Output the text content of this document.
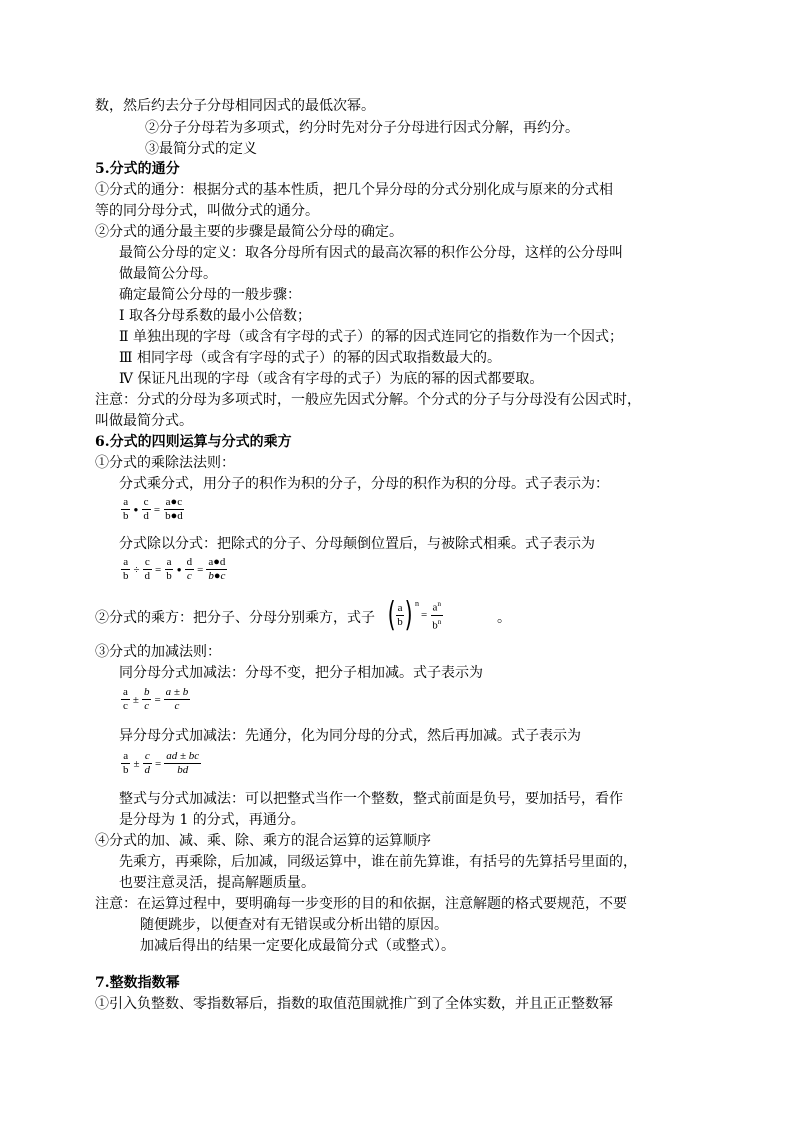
数，然后约去分子分母相同因式的最低次幂。
②分子分母若为多项式，约分时先对分子分母进行因式分解，再约分。
③最简分式的定义
5.分式的通分
①分式的通分：根据分式的基本性质，把几个异分母的分式分别化成与原来的分式相
等的同分母分式，叫做分式的通分。
②分式的通分最主要的步骤是最简公分母的确定。
最简公分母的定义：取各分母所有因式的最高次幂的积作公分母，这样的公分母叫
做最简公分母。
确定最简公分母的一般步骤：
Ⅰ 取各分母系数的最小公倍数；
Ⅱ 单独出现的字母（或含有字母的式子）的幂的因式连同它的指数作为一个因式；
Ⅲ 相同字母（或含有字母的式子）的幂的因式取指数最大的。
Ⅳ 保证凡出现的字母（或含有字母的式子）为底的幂的因式都要取。
注意：分式的分母为多项式时，一般应先因式分解。个分式的分子与分母没有公因式时，
叫做最简分式。
6.分式的四则运算与分式的乘方
①分式的乘除法法则：
分式乘分式，用分子的积作为积的分子，分母的积作为积的分母。式子表示为：
$\frac{a}{b}$ ● $\frac{c}{d} = \frac{a●c}{b●d}$
分式除以分式：把除式的分子、分母颠倒位置后，与被除式相乘。式子表示为
$\frac{a}{b} \div \frac{c}{d} = \frac{a}{b}$ ● $\frac{d}{c} = \frac{a●d}{b●c}$
②分式的乘方：把分子、分母分别乘方，式子 ( $\frac{a}{b}$ ) n
= $\frac{a^n}{b^n}$	。
③分式的加减法则：
同分母分式加减法：分母不变，把分子相加减。式子表示为
$\frac{a}{c} \pm \frac{b}{c} = \frac{a \pm b}{c}$
异分母分式加减法：先通分，化为同分母的分式，然后再加减。式子表示为
$\frac{a}{b} \pm \frac{c}{d} = \frac{ad \pm bc}{bd}$
整式与分式加减法：可以把整式当作一个整数，整式前面是负号，要加括号，看作
是分母为 1 的分式，再通分。
④分式的加、减、乘、除、乘方的混合运算的运算顺序
先乘方，再乘除，后加减，同级运算中，谁在前先算谁，有括号的先算括号里面的，
也要注意灵活，提高解题质量。
注意：在运算过程中，要明确每一步变形的目的和依据，注意解题的格式要规范，不要
随便跳步，以便查对有无错误或分析出错的原因。
加减后得出的结果一定要化成最简分式（或整式）。
7.整数指数幂
①引入负整数、零指数幂后，指数的取值范围就推广到了全体实数，并且正正整数幂
